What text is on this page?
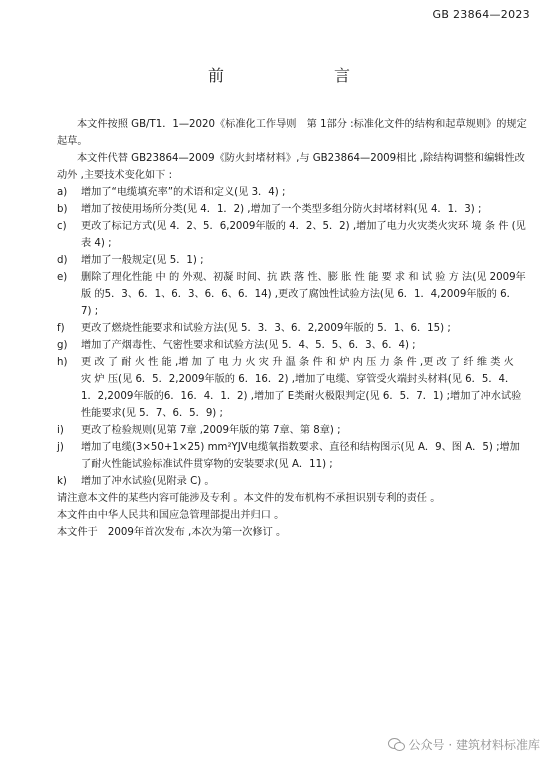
GB 23864—2023
前　　言

本文件按照 GB/T1．1—2020《标准化工作导则　第 1部分 :标准化文件的结构和起草规则》的规定起草。

本文件代替 GB23864—2009《防火封堵材料》,与 GB23864—2009相比 ,除结构调整和编辑性改动外 ,主要技术变化如下 :

a) 增加了“电缆填充率”的术语和定义(见 3．4) ;

b) 增加了按使用场所分类(见 4．1．2) ,增加了一个类型多组分防火封堵材料(见 4．1．3) ;

c) 更改了标记方式(见 4．2、5．6,2009年版的 4．2、5．2) ,增加了电力火灾类火灾环 境 条 件 (见 表 4) ;

d) 增加了一般规定(见 5．1) ;

e) 删除了理化性能 中 的 外观、初凝 时间、抗 跌 落 性、膨 胀 性 能 要 求 和 试 验 方 法(见 2009年 版 的5．3、6．1、6．3、6．6、6．14) ,更改了腐蚀性试验方法(见 6．1．4,2009年版的 6．7) ;

f) 更改了燃烧性能要求和试验方法(见 5．3．3、6．2,2009年版的 5．1、6．15) ;

g) 增加了产烟毒性、气密性要求和试验方法(见 5．4、5．5、6．3、6．4) ;

h) 更 改 了 耐 火 性 能 ,增 加 了 电 力 火 灾 升 温 条 件 和 炉 内 压 力 条 件 ,更 改 了 纤 维 类 火 灾 炉 压(见 6．5．2,2009年版的 6．16．2) ,增加了电缆、穿管受火端封头材料(见 6．5．4．1．2,2009年版的6．16．4．1．2) ,增加了 E类耐火极限判定(见 6．5．7．1) ;增加了冲水试验性能要求(见 5．7、6．5．9) ;

i) 更改了检验规则(见第 7章 ,2009年版的第 7章、第 8章) ;

j) 增加了电缆(3×50+1×25) mm²YJV电缆氧指数要求、直径和结构图示(见 A．9、图 A．5) ;增加了耐火性能试验标准试件贯穿物的安装要求(见 A．11) ;

k) 增加了冲水试验(见附录 C) 。

请注意本文件的某些内容可能涉及专利 。本文件的发布机构不承担识别专利的责任 。

本文件由中华人民共和国应急管理部提出并归口 。

本文件于　2009年首次发布 ,本次为第一次修订 。

公众号 · 建筑材料标准库
